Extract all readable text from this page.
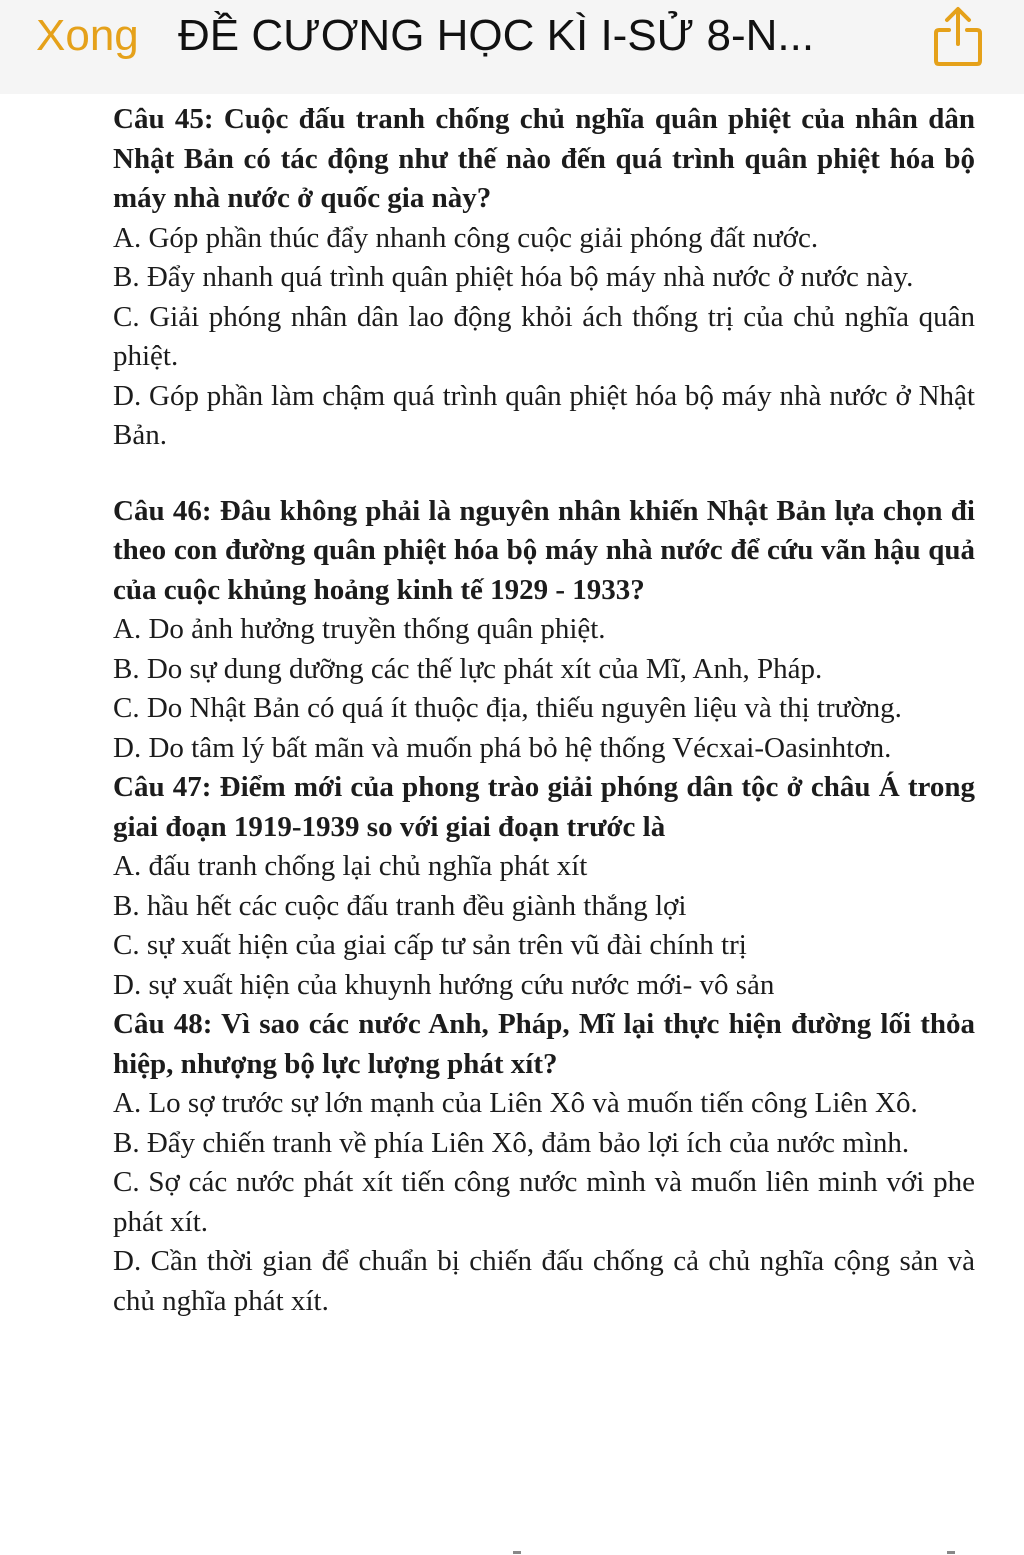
Xong ĐỀ CƯƠNG HỌC KÌ I-SỬ 8-N...
Câu 45: Cuộc đấu tranh chống chủ nghĩa quân phiệt của nhân dân Nhật Bản có tác động như thế nào đến quá trình quân phiệt hóa bộ máy nhà nước ở quốc gia này?
A. Góp phần thúc đẩy nhanh công cuộc giải phóng đất nước.
B. Đẩy nhanh quá trình quân phiệt hóa bộ máy nhà nước ở nước này.
C. Giải phóng nhân dân lao động khỏi ách thống trị của chủ nghĩa quân phiệt.
D. Góp phần làm chậm quá trình quân phiệt hóa bộ máy nhà nước ở Nhật Bản.
Câu 46: Đâu không phải là nguyên nhân khiến Nhật Bản lựa chọn đi theo con đường quân phiệt hóa bộ máy nhà nước để cứu vãn hậu quả của cuộc khủng hoảng kinh tế 1929 - 1933?
A. Do ảnh hưởng truyền thống quân phiệt.
B. Do sự dung dưỡng các thế lực phát xít của Mĩ, Anh, Pháp.
C. Do Nhật Bản có quá ít thuộc địa, thiếu nguyên liệu và thị trường.
D. Do tâm lý bất mãn và muốn phá bỏ hệ thống Vécxai-Oasinhtơn.
Câu 47: Điểm mới của phong trào giải phóng dân tộc ở châu Á trong giai đoạn 1919-1939 so với giai đoạn trước là
A. đấu tranh chống lại chủ nghĩa phát xít
B. hầu hết các cuộc đấu tranh đều giành thắng lợi
C. sự xuất hiện của giai cấp tư sản trên vũ đài chính trị
D. sự xuất hiện của khuynh hướng cứu nước mới- vô sản
Câu 48: Vì sao các nước Anh, Pháp, Mĩ lại thực hiện đường lối thỏa hiệp, nhượng bộ lực lượng phát xít?
A. Lo sợ trước sự lớn mạnh của Liên Xô và muốn tiến công Liên Xô.
B. Đẩy chiến tranh về phía Liên Xô, đảm bảo lợi ích của nước mình.
C. Sợ các nước phát xít tiến công nước mình và muốn liên minh với phe phát xít.
D. Cần thời gian để chuẩn bị chiến đấu chống cả chủ nghĩa cộng sản và chủ nghĩa phát xít.
